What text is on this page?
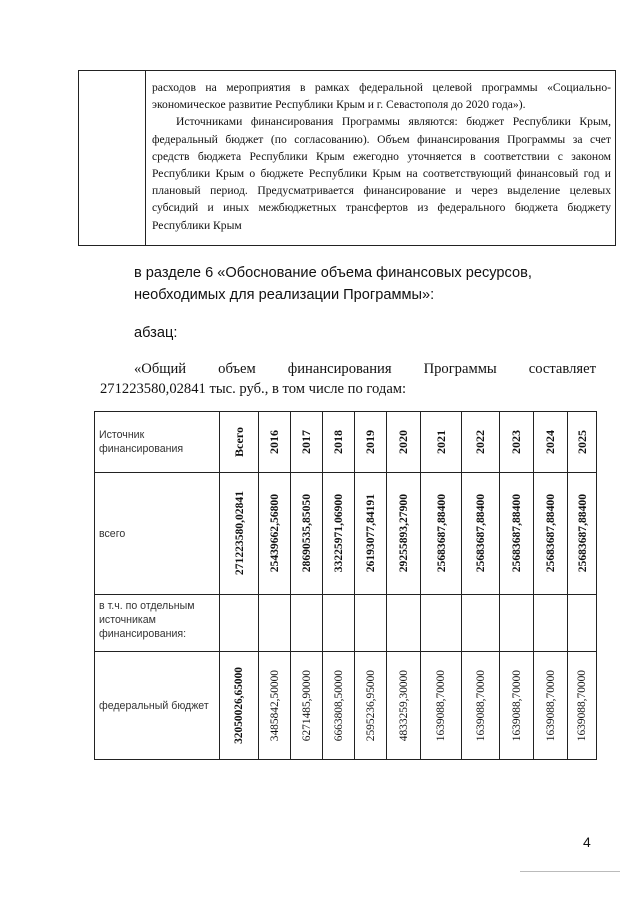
расходов на мероприятия в рамках федеральной целевой программы «Социально-экономическое развитие Республики Крым и г. Севастополя до 2020 года»).

Источниками финансирования Программы являются: бюджет Республики Крым, федеральный бюджет (по согласованию). Объем финансирования Программы за счет средств бюджета Республики Крым ежегодно уточняется в соответствии с законом Республики Крым о бюджете Республики Крым на соответствующий финансовый год и плановый период. Предусматривается финансирование и через выделение целевых субсидий и иных межбюджетных трансфертов из федерального бюджета бюджету Республики Крым

в разделе 6 «Обоснование объема финансовых ресурсов, необходимых для реализации Программы»:
абзац:
«Общий объем финансирования Программы составляет
271223580,02841 тыс. руб., в том числе по годам:
Источник финансирования	Всего	2016	2017	2018	2019	2020	2021	2022	2023	2024	2025

всего	271223580,02841	25439662,56800	28690535,85050	33225971,06900	26193077,84191	29255893,27900	25683687,88400	25683687,88400	25683687,88400	25683687,88400	25683687,88400

в т.ч. по отдельным источникам финансирования:											
федеральный бюджет	32050026,65000	3485842,50000	6271485,90000	6663808,50000	2595236,95000	4833259,30000	1639088,70000	1639088,70000	1639088,70000	1639088,70000	1639088,70000
4
